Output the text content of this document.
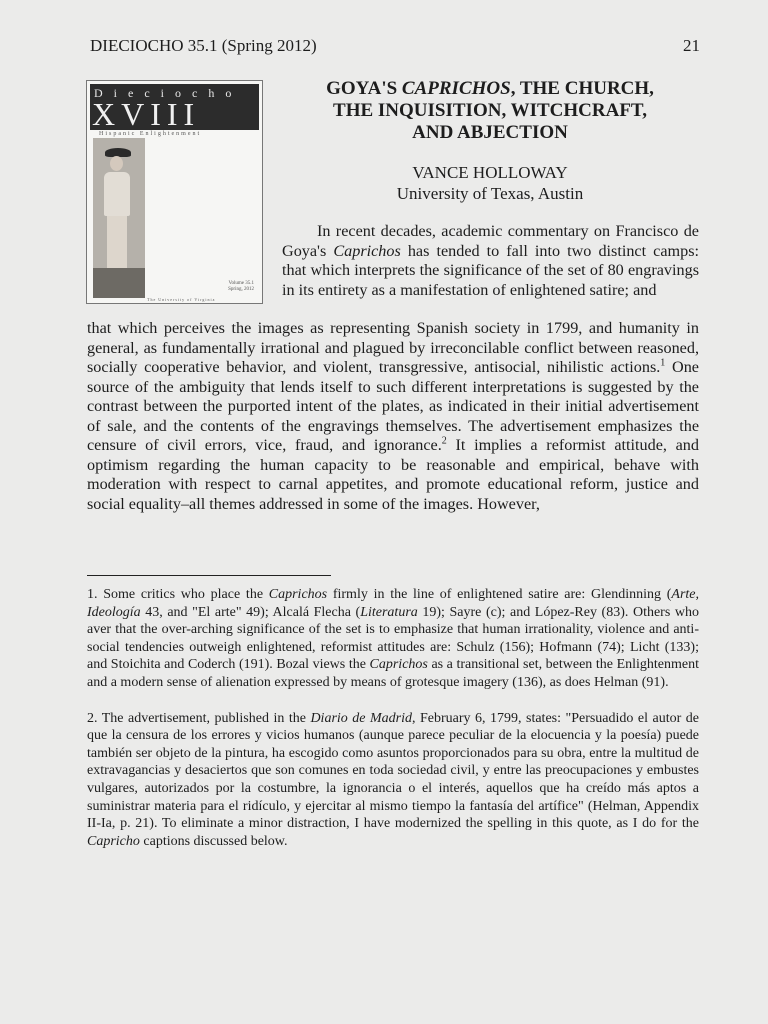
DIECIOCHO 35.1 (Spring 2012)	21
Dieciocho
XVIII
Hispanic Enlightenment
Volume 35.1
Spring, 2012
The University of Virginia
GOYA'S CAPRICHOS, THE CHURCH,
THE INQUISITION, WITCHCRAFT,
AND ABJECTION
VANCE HOLLOWAY
University of Texas, Austin

In recent decades, academic commentary on Francisco de Goya's Caprichos has tended to fall into two distinct camps: that which interprets the significance of the set of 80 engravings in its entirety as a manifestation of enlightened satire; and

that which perceives the images as representing Spanish society in 1799, and humanity in general, as fundamentally irrational and plagued by irreconcilable conflict between reasoned, socially cooperative behavior, and violent, transgressive, antisocial, nihilistic actions.$^1$ One source of the ambiguity that lends itself to such different interpretations is suggested by the contrast between the purported intent of the plates, as indicated in their initial advertisement of sale, and the contents of the engravings themselves. The advertisement emphasizes the censure of civil errors, vice, fraud, and ignorance.$^2$ It implies a reformist attitude, and optimism regarding the human capacity to be reasonable and empirical, behave with moderation with respect to carnal appetites, and promote educational reform, justice and social equality–all themes addressed in some of the images. However,

1. Some critics who place the Caprichos firmly in the line of enlightened satire are: Glendinning (Arte, Ideología 43, and "El arte" 49); Alcalá Flecha (Literatura 19); Sayre (c); and López-Rey (83). Others who aver that the over-arching significance of the set is to emphasize that human irrationality, violence and anti-social tendencies outweigh enlightened, reformist attitudes are: Schulz (156); Hofmann (74); Licht (133); and Stoichita and Coderch (191). Bozal views the Caprichos as a transitional set, between the Enlightenment and a modern sense of alienation expressed by means of grotesque imagery (136), as does Helman (91).

2. The advertisement, published in the Diario de Madrid, February 6, 1799, states: "Persuadido el autor de que la censura de los errores y vicios humanos (aunque parece peculiar de la elocuencia y la poesía) puede también ser objeto de la pintura, ha escogido como asuntos proporcionados para su obra, entre la multitud de extravagancias y desaciertos que son comunes en toda sociedad civil, y entre las preocupaciones y embustes vulgares, autorizados por la costumbre, la ignorancia o el interés, aquellos que ha creído más aptos a suministrar materia para el ridículo, y ejercitar al mismo tiempo la fantasía del artífice" (Helman, Appendix II-Ia, p. 21). To eliminate a minor distraction, I have modernized the spelling in this quote, as I do for the Capricho captions discussed below.
